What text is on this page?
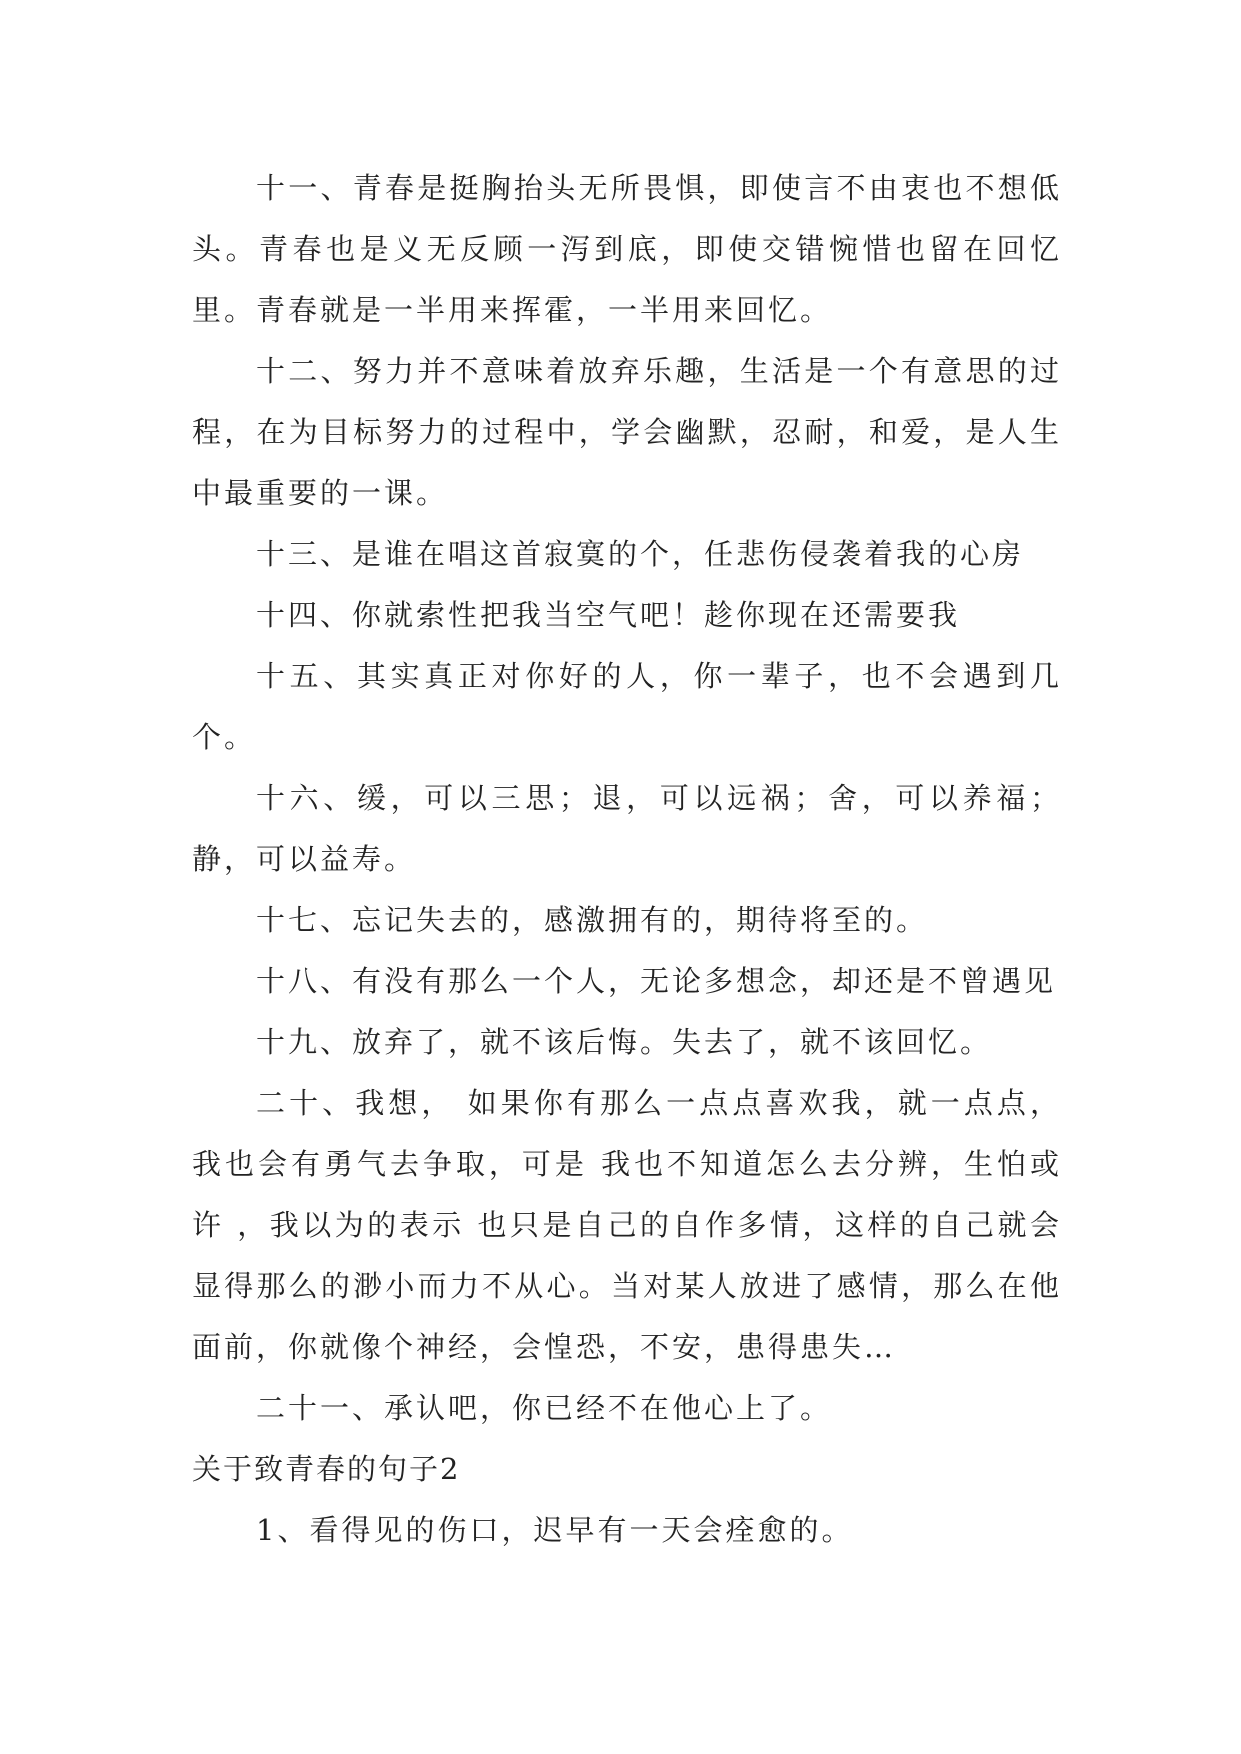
十一、青春是挺胸抬头无所畏惧，即使言不由衷也不想低头。青春也是义无反顾一泻到底，即使交错惋惜也留在回忆里。青春就是一半用来挥霍，一半用来回忆。

十二、努力并不意味着放弃乐趣，生活是一个有意思的过程，在为目标努力的过程中，学会幽默，忍耐，和爱，是人生中最重要的一课。

十三、是谁在唱这首寂寞的个，任悲伤侵袭着我的心房

十四、你就索性把我当空气吧！趁你现在还需要我

十五、其实真正对你好的人，你一辈子，也不会遇到几个。

十六、缓，可以三思；退，可以远祸；舍，可以养福；静，可以益寿。

十七、忘记失去的，感激拥有的，期待将至的。

十八、有没有那么一个人，无论多想念，却还是不曾遇见

十九、放弃了，就不该后悔。失去了，就不该回忆。

二十、我想， 如果你有那么一点点喜欢我，就一点点，我也会有勇气去争取，可是 我也不知道怎么去分辨，生怕或许 ，我以为的表示 也只是自己的自作多情，这样的自己就会显得那么的渺小而力不从心。当对某人放进了感情，那么在他面前，你就像个神经，会惶恐，不安，患得患失…

二十一、承认吧，你已经不在他心上了。

关于致青春的句子2

1、看得见的伤口，迟早有一天会痊愈的。
